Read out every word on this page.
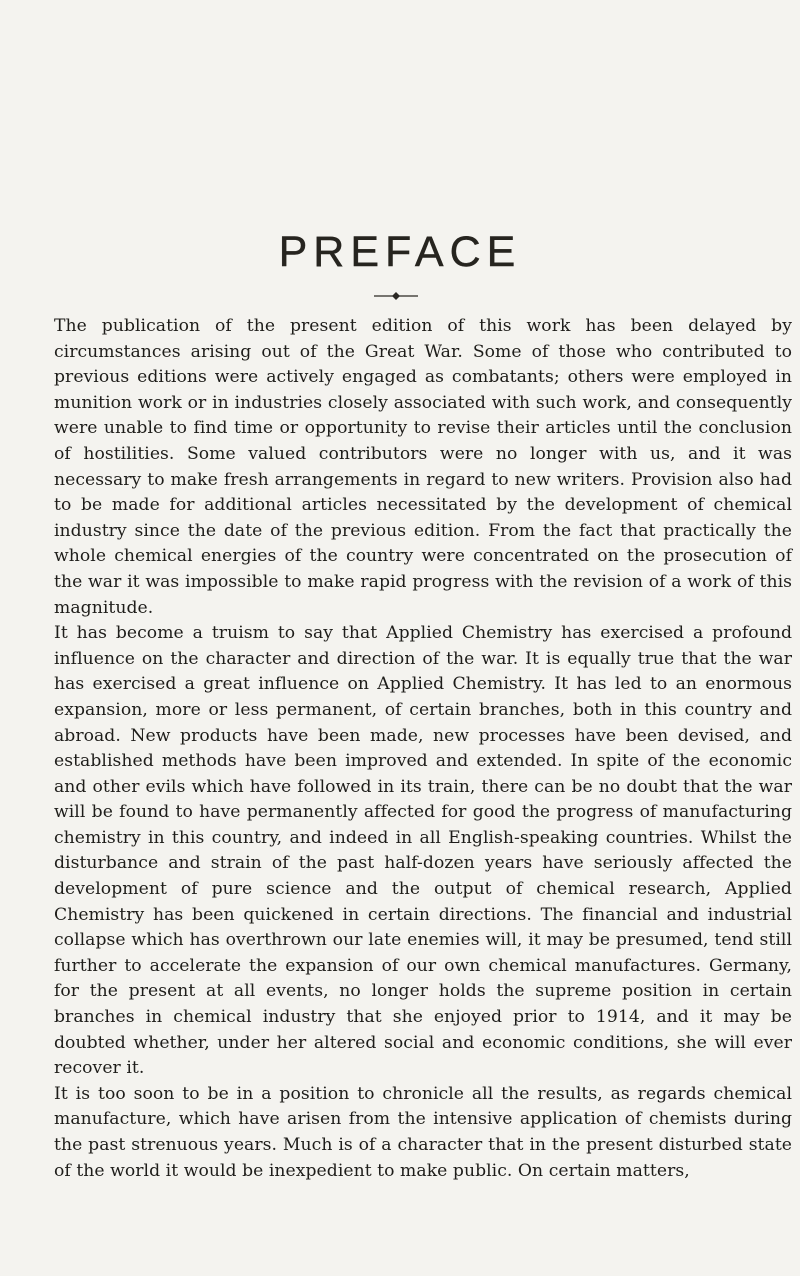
PREFACE

The publication of the present edition of this work has been delayed by circumstances arising out of the Great War. Some of those who contributed to previous editions were actively engaged as combatants; others were employed in munition work or in industries closely associated with such work, and consequently were unable to find time or opportunity to revise their articles until the conclusion of hostilities. Some valued contributors were no longer with us, and it was necessary to make fresh arrangements in regard to new writers. Provision also had to be made for additional articles necessitated by the development of chemical industry since the date of the previous edition. From the fact that practically the whole chemical energies of the country were concentrated on the prosecution of the war it was impossible to make rapid progress with the revision of a work of this magnitude.

It has become a truism to say that Applied Chemistry has exercised a profound influence on the character and direction of the war. It is equally true that the war has exercised a great influence on Applied Chemistry. It has led to an enormous expansion, more or less permanent, of certain branches, both in this country and abroad. New products have been made, new processes have been devised, and established methods have been improved and extended. In spite of the economic and other evils which have followed in its train, there can be no doubt that the war will be found to have permanently affected for good the progress of manufacturing chemistry in this country, and indeed in all English-speaking countries. Whilst the disturbance and strain of the past half-dozen years have seriously affected the development of pure science and the output of chemical research, Applied Chemistry has been quickened in certain directions. The financial and industrial collapse which has overthrown our late enemies will, it may be presumed, tend still further to accelerate the expansion of our own chemical manufactures. Germany, for the present at all events, no longer holds the supreme position in certain branches in chemical industry that she enjoyed prior to 1914, and it may be doubted whether, under her altered social and economic conditions, she will ever recover it.

It is too soon to be in a position to chronicle all the results, as regards chemical manufacture, which have arisen from the intensive application of chemists during the past strenuous years. Much is of a character that in the present disturbed state of the world it would be inexpedient to make public. On certain matters,
